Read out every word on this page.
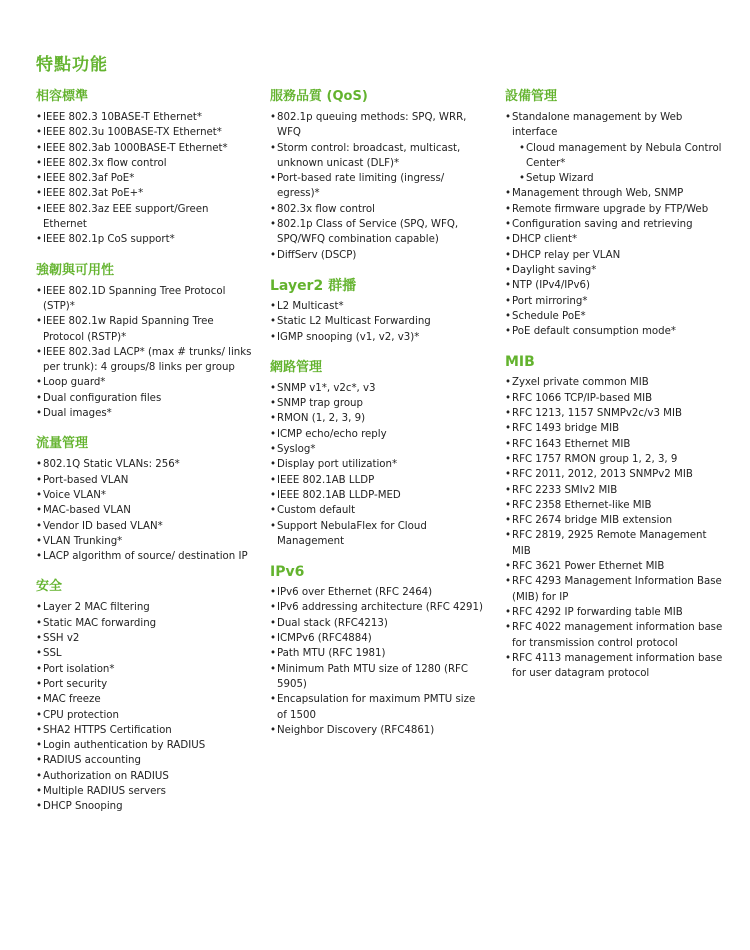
特點功能
相容標準
• IEEE 802.3 10BASE-T Ethernet*
• IEEE 802.3u 100BASE-TX Ethernet*
• IEEE 802.3ab 1000BASE-T Ethernet*
• IEEE 802.3x flow control
• IEEE 802.3af PoE*
• IEEE 802.3at PoE+*
• IEEE 802.3az EEE support/Green Ethernet
• IEEE 802.1p CoS support*
強韌與可用性
• IEEE 802.1D Spanning Tree Protocol (STP)*
• IEEE 802.1w Rapid Spanning Tree Protocol (RSTP)*
• IEEE 802.3ad LACP* (max # trunks/ links per trunk): 4 groups/8 links per group
• Loop guard*
• Dual configuration files
• Dual images*
流量管理
• 802.1Q Static VLANs: 256*
• Port-based VLAN
• Voice VLAN*
• MAC-based VLAN
• Vendor ID based VLAN*
• VLAN Trunking*
• LACP algorithm of source/ destination IP
安全
• Layer 2 MAC filtering
• Static MAC forwarding
• SSH v2
• SSL
• Port isolation*
• Port security
• MAC freeze
• CPU protection
• SHA2 HTTPS Certification
• Login authentication by RADIUS
• RADIUS accounting
• Authorization on RADIUS
• Multiple RADIUS servers
• DHCP Snooping
服務品質 (QoS)
• 802.1p queuing methods: SPQ, WRR, WFQ
• Storm control: broadcast, multicast, unknown unicast (DLF)*
• Port-based rate limiting (ingress/ egress)*
• 802.3x flow control
• 802.1p Class of Service (SPQ, WFQ, SPQ/WFQ combination capable)
• DiffServ (DSCP)
Layer2 群播
• L2 Multicast*
• Static L2 Multicast Forwarding
• IGMP snooping (v1, v2, v3)*
網路管理
• SNMP v1*, v2c*, v3
• SNMP trap group
• RMON (1, 2, 3, 9)
• ICMP echo/echo reply
• Syslog*
• Display port utilization*
• IEEE 802.1AB LLDP
• IEEE 802.1AB LLDP-MED
• Custom default
• Support NebulaFlex for Cloud Management
IPv6
• IPv6 over Ethernet (RFC 2464)
• IPv6 addressing architecture (RFC 4291)
• Dual stack (RFC4213)
• ICMPv6 (RFC4884)
• Path MTU (RFC 1981)
• Minimum Path MTU size of 1280 (RFC 5905)
• Encapsulation for maximum PMTU size of 1500
• Neighbor Discovery (RFC4861)
設備管理
• Standalone management by Web interface
• Cloud management by Nebula Control Center*
• Setup Wizard
• Management through Web, SNMP
• Remote firmware upgrade by FTP/Web
• Configuration saving and retrieving
• DHCP client*
• DHCP relay per VLAN
• Daylight saving*
• NTP (IPv4/IPv6)
• Port mirroring*
• Schedule PoE*
• PoE default consumption mode*
MIB
• Zyxel private common MIB
• RFC 1066 TCP/IP-based MIB
• RFC 1213, 1157 SNMPv2c/v3 MIB
• RFC 1493 bridge MIB
• RFC 1643 Ethernet MIB
• RFC 1757 RMON group 1, 2, 3, 9
• RFC 2011, 2012, 2013 SNMPv2 MIB
• RFC 2233 SMIv2 MIB
• RFC 2358 Ethernet-like MIB
• RFC 2674 bridge MIB extension
• RFC 2819, 2925 Remote Management MIB
• RFC 3621 Power Ethernet MIB
• RFC 4293 Management Information Base (MIB) for IP
• RFC 4292 IP forwarding table MIB
• RFC 4022 management information base for transmission control protocol
• RFC 4113 management information base for user datagram protocol
